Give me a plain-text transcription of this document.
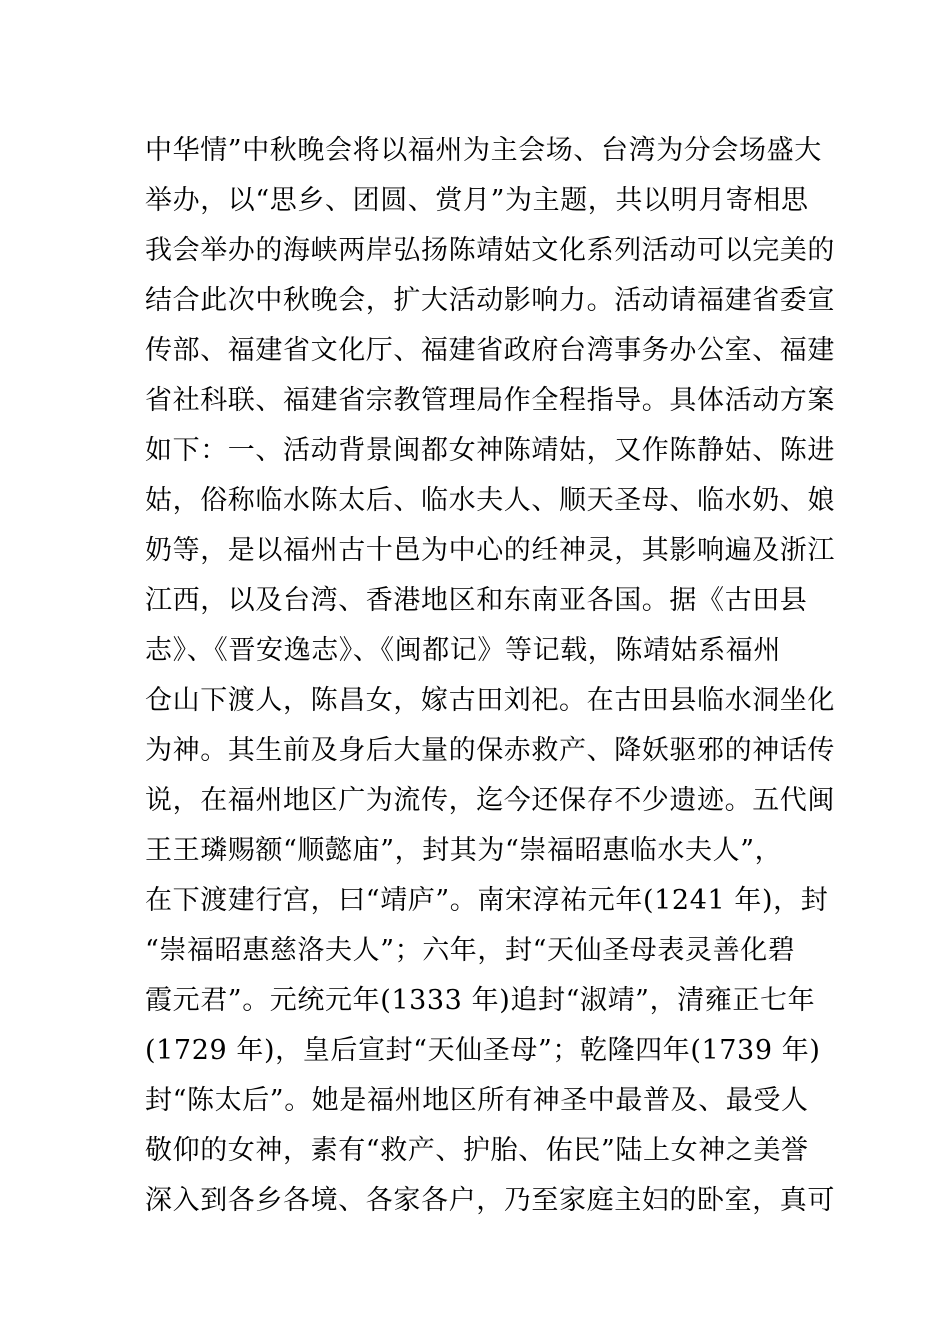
中华情”中秋晚会将以福州为主会场、台湾为分会场盛大
举办，以“思乡、团圆、赏月”为主题，共以明月寄相思
我会举办的海峡两岸弘扬陈靖姑文化系列活动可以完美的
结合此次中秋晚会，扩大活动影响力。活动请福建省委宣
传部、福建省文化厅、福建省政府台湾事务办公室、福建
省社科联、福建省宗教管理局作全程指导。具体活动方案
如下：一、活动背景闽都女神陈靖姑，又作陈静姑、陈进
姑，俗称临水陈太后、临水夫人、顺天圣母、临水奶、娘
奶等，是以福州古十邑为中心的纴神灵，其影响遍及浙江
江西，以及台湾、香港地区和东南亚各国。据《古田县
志》、《晋安逸志》、《闽都记》等记载，陈靖姑系福州
仓山下渡人，陈昌女，嫁古田刘祀。在古田县临水洞坐化
为神。其生前及身后大量的保赤救产、降妖驱邪的神话传
说，在福州地区广为流传，迄今还保存不少遗迹。五代闽
王王璘赐额“顺懿庙”，封其为“崇福昭惠临水夫人”，
在下渡建行宫，曰“靖庐”。南宋淳祐元年(1241 年)，封
“崇福昭惠慈洛夫人”；六年，封“天仙圣母表灵善化碧
霞元君”。元统元年(1333 年)追封“淑靖”，清雍正七年
(1729 年)，皇后宣封“天仙圣母”；乾隆四年(1739 年)
封“陈太后”。她是福州地区所有神圣中最普及、最受人
敬仰的女神，素有“救产、护胎、佑民”陆上女神之美誉
深入到各乡各境、各家各户，乃至家庭主妇的卧室，真可
